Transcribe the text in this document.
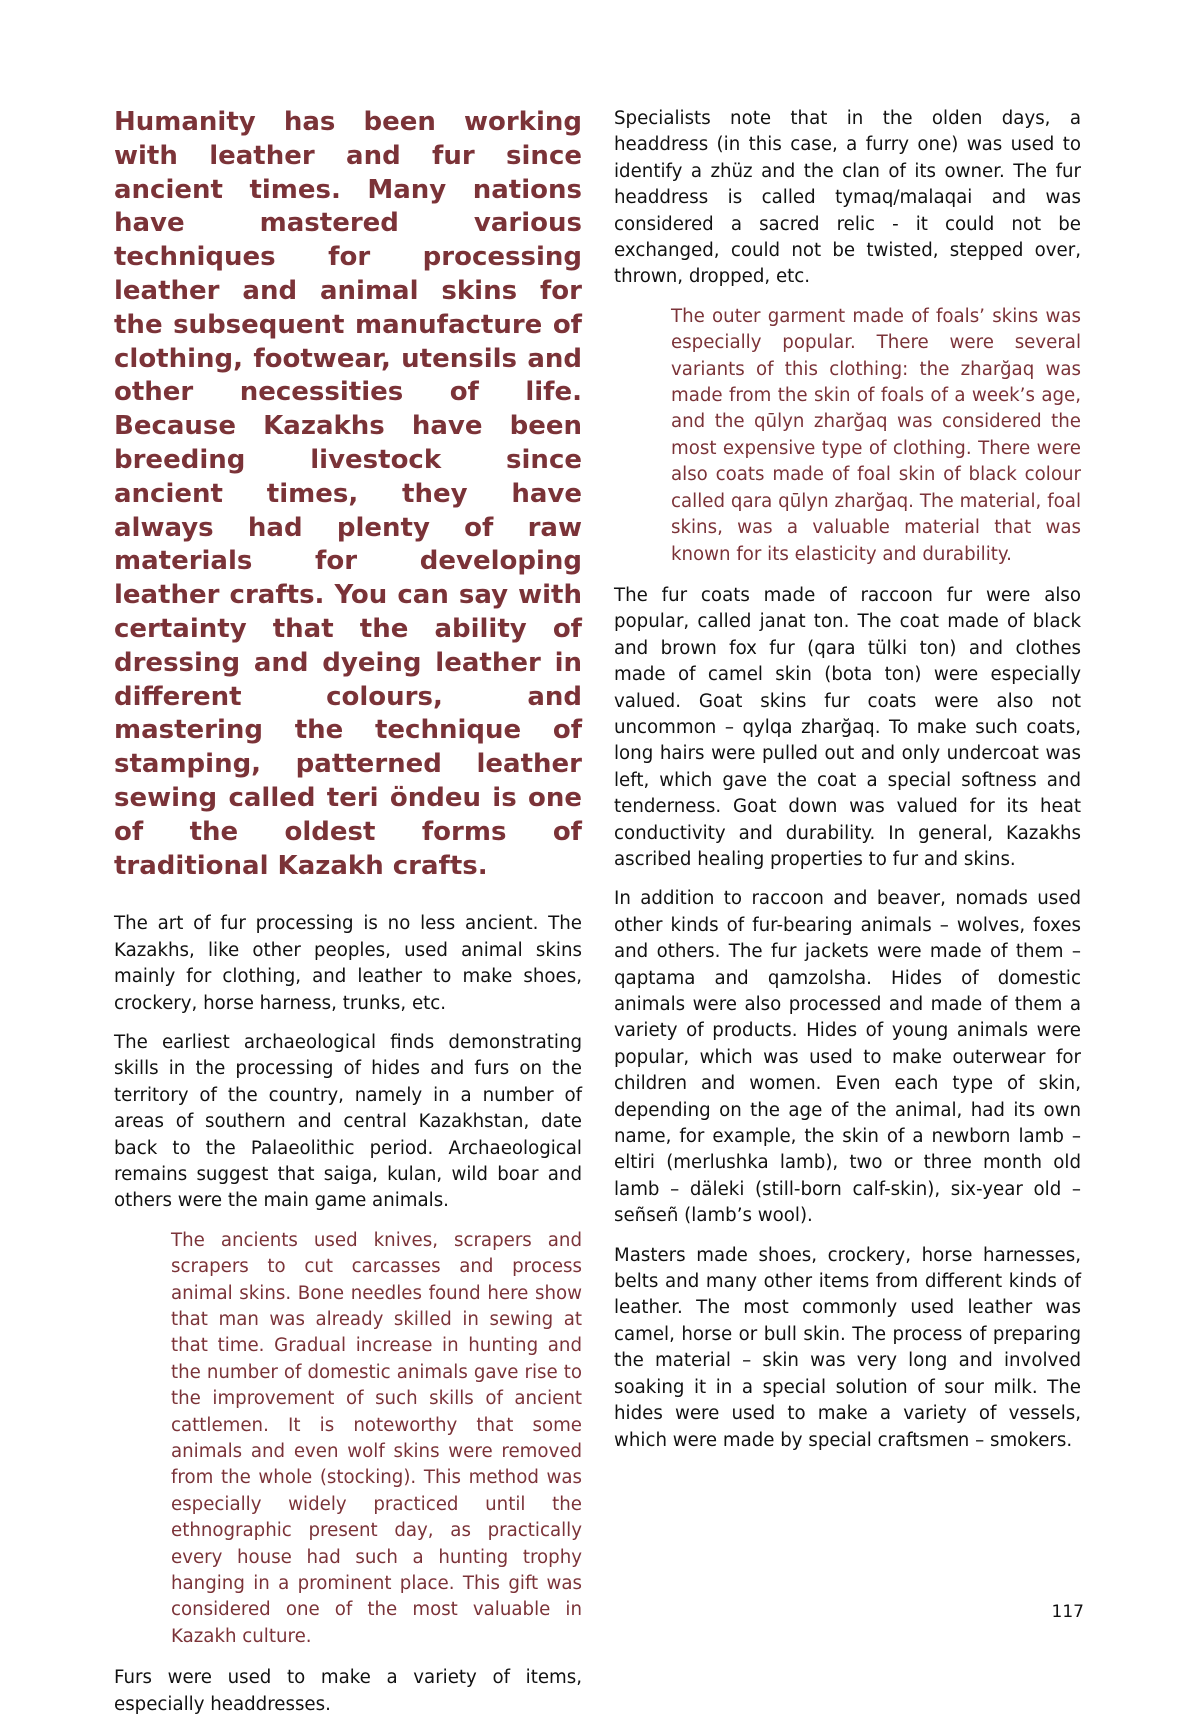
Humanity has been working with leather and fur since ancient times. Many nations have mastered various techniques for processing leather and animal skins for the subsequent manufacture of clothing, footwear, utensils and other necessities of life. Because Kazakhs have been breeding livestock since ancient times, they have always had plenty of raw materials for developing leather crafts. You can say with certainty that the ability of dressing and dyeing leather in different colours, and mastering the technique of stamping, patterned leather sewing called teri öndeu is one of the oldest forms of traditional Kazakh crafts.

The art of fur processing is no less ancient. The Kazakhs, like other peoples, used animal skins mainly for clothing, and leather to make shoes, crockery, horse harness, trunks, etc.

The earliest archaeological finds demonstrating skills in the processing of hides and furs on the territory of the country, namely in a number of areas of southern and central Kazakhstan, date back to the Palaeolithic period. Archaeological remains suggest that saiga, kulan, wild boar and others were the main game animals.

The ancients used knives, scrapers and scrapers to cut carcasses and process animal skins. Bone needles found here show that man was already skilled in sewing at that time. Gradual increase in hunting and the number of domestic animals gave rise to the improvement of such skills of ancient cattlemen. It is noteworthy that some animals and even wolf skins were removed from the whole (stocking). This method was especially widely practiced until the ethnographic present day, as practically every house had such a hunting trophy hanging in a prominent place. This gift was considered one of the most valuable in Kazakh culture.

Furs were used to make a variety of items, especially headdresses.

Specialists note that in the olden days, a headdress (in this case, a furry one) was used to identify a zhüz and the clan of its owner. The fur headdress is called tymaq/malaqai and was considered a sacred relic - it could not be exchanged, could not be twisted, stepped over, thrown, dropped, etc.

The outer garment made of foals’ skins was especially popular. There were several variants of this clothing: the zharğaq was made from the skin of foals of a week’s age, and the qūlyn zharğaq was considered the most expensive type of clothing. There were also coats made of foal skin of black colour called qara qūlyn zharğaq. The material, foal skins, was a valuable material that was known for its elasticity and durability.

The fur coats made of raccoon fur were also popular, called janat ton. The coat made of black and brown fox fur (qara tülki ton) and clothes made of camel skin (bota ton) were especially valued. Goat skins fur coats were also not uncommon – qylqa zharğaq. To make such coats, long hairs were pulled out and only undercoat was left, which gave the coat a special softness and tenderness. Goat down was valued for its heat conductivity and durability. In general, Kazakhs ascribed healing properties to fur and skins.

In addition to raccoon and beaver, nomads used other kinds of fur-bearing animals – wolves, foxes and others. The fur jackets were made of them – qaptama and qamzolsha. Hides of domestic animals were also processed and made of them a variety of products. Hides of young animals were popular, which was used to make outerwear for children and women. Even each type of skin, depending on the age of the animal, had its own name, for example, the skin of a newborn lamb – eltiri (merlushka lamb), two or three month old lamb – däleki (still-born calf-skin), six-year old – señseñ (lamb’s wool).

Masters made shoes, crockery, horse harnesses, belts and many other items from different kinds of leather. The most commonly used leather was camel, horse or bull skin. The process of preparing the material – skin was very long and involved soaking it in a special solution of sour milk. The hides were used to make a variety of vessels, which were made by special craftsmen – smokers.

117
